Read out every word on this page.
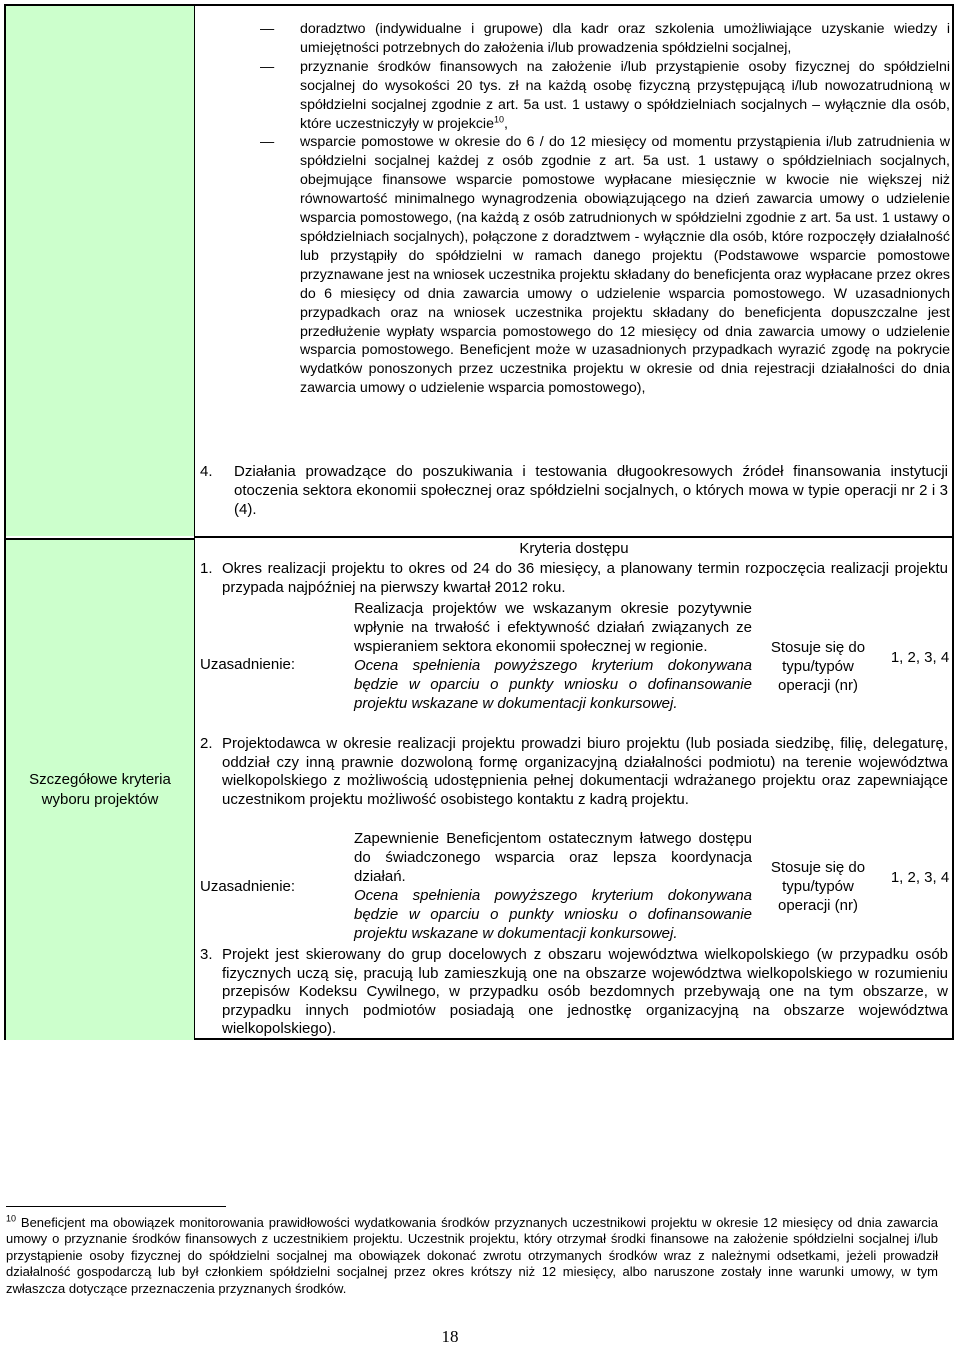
Szczegółowe kryteria wyboru projektów
—	doradztwo (indywidualne i grupowe) dla kadr oraz szkolenia umożliwiające uzyskanie wiedzy i umiejętności potrzebnych do założenia i/lub prowadzenia spółdzielni socjalnej,
—	przyznanie środków finansowych na założenie i/lub przystąpienie osoby fizycznej do spółdzielni socjalnej do wysokości 20 tys. zł na każdą osobę fizyczną przystępującą i/lub nowozatrudnioną w spółdzielni socjalnej zgodnie z art. 5a ust. 1 ustawy o spółdzielniach socjalnych – wyłącznie dla osób, które uczestniczyły w projekcie$^{10}$,
—	wsparcie pomostowe w okresie do 6 / do 12 miesięcy od momentu przystąpienia i/lub zatrudnienia w spółdzielni socjalnej każdej z osób zgodnie z art. 5a ust. 1 ustawy o spółdzielniach socjalnych, obejmujące finansowe wsparcie pomostowe wypłacane miesięcznie w kwocie nie większej niż równowartość minimalnego wynagrodzenia obowiązującego na dzień zawarcia umowy o udzielenie wsparcia pomostowego, (na każdą z osób zatrudnionych w spółdzielni zgodnie z art. 5a ust. 1 ustawy o spółdzielniach socjalnych), połączone z doradztwem - wyłącznie dla osób, które rozpoczęły działalność lub przystąpiły do spółdzielni w ramach danego projektu (Podstawowe wsparcie pomostowe przyznawane jest na wniosek uczestnika projektu składany do beneficjenta oraz wypłacane przez okres do 6 miesięcy od dnia zawarcia umowy o udzielenie wsparcia pomostowego. W uzasadnionych przypadkach oraz na wniosek uczestnika projektu składany do beneficjenta dopuszczalne jest przedłużenie wypłaty wsparcia pomostowego do 12 miesięcy od dnia zawarcia umowy o udzielenie wsparcia pomostowego. Beneficjent może w uzasadnionych przypadkach wyrazić zgodę na pokrycie wydatków ponoszonych przez uczestnika projektu w okresie od dnia rejestracji działalności do dnia zawarcia umowy o udzielenie wsparcia pomostowego),
4. Działania prowadzące do poszukiwania i testowania długookresowych źródeł finansowania instytucji otoczenia sektora ekonomii społecznej oraz spółdzielni socjalnych, o których mowa w typie operacji nr 2 i 3 (4).
Kryteria dostępu
1. Okres realizacji projektu to okres od 24 do 36 miesięcy, a planowany termin rozpoczęcia realizacji projektu przypada najpóźniej na pierwszy kwartał 2012 roku.
Uzasadnienie:
Realizacja projektów we wskazanym okresie pozytywnie wpłynie na trwałość i efektywność działań związanych ze wspieraniem sektora ekonomii społecznej w regionie.
Ocena spełnienia powyższego kryterium dokonywana będzie w oparciu o punkty wniosku o dofinansowanie projektu wskazane w dokumentacji konkursowej.
Stosuje się do typu/typów operacji (nr)
1, 2, 3, 4
2. Projektodawca w okresie realizacji projektu prowadzi biuro projektu (lub posiada siedzibę, filię, delegaturę, oddział czy inną prawnie dozwoloną formę organizacyjną działalności podmiotu) na terenie województwa wielkopolskiego z możliwością udostępnienia pełnej dokumentacji wdrażanego projektu oraz zapewniające uczestnikom projektu możliwość osobistego kontaktu z kadrą projektu.
Uzasadnienie:
Zapewnienie Beneficjentom ostatecznym łatwego dostępu do świadczonego wsparcia oraz lepsza koordynacja działań.
Ocena spełnienia powyższego kryterium dokonywana będzie w oparciu o punkty wniosku o dofinansowanie projektu wskazane w dokumentacji konkursowej.
Stosuje się do typu/typów operacji (nr)
1, 2, 3, 4
3. Projekt jest skierowany do grup docelowych z obszaru województwa wielkopolskiego (w przypadku osób fizycznych uczą się, pracują lub zamieszkują one na obszarze województwa wielkopolskiego w rozumieniu przepisów Kodeksu Cywilnego, w przypadku osób bezdomnych przebywają one na tym obszarze, w przypadku innych podmiotów posiadają one jednostkę organizacyjną na obszarze województwa wielkopolskiego).
$^{10}$ Beneficjent ma obowiązek monitorowania prawidłowości wydatkowania środków przyznanych uczestnikowi projektu w okresie 12 miesięcy od dnia zawarcia umowy o przyznanie środków finansowych z uczestnikiem projektu. Uczestnik projektu, który otrzymał środki finansowe na założenie spółdzielni socjalnej i/lub przystąpienie osoby fizycznej do spółdzielni socjalnej ma obowiązek dokonać zwrotu otrzymanych środków wraz z należnymi odsetkami, jeżeli prowadził działalność gospodarczą lub był członkiem spółdzielni socjalnej przez okres krótszy niż 12 miesięcy, albo naruszone zostały inne warunki umowy, w tym zwłaszcza dotyczące przeznaczenia przyznanych środków.
18
